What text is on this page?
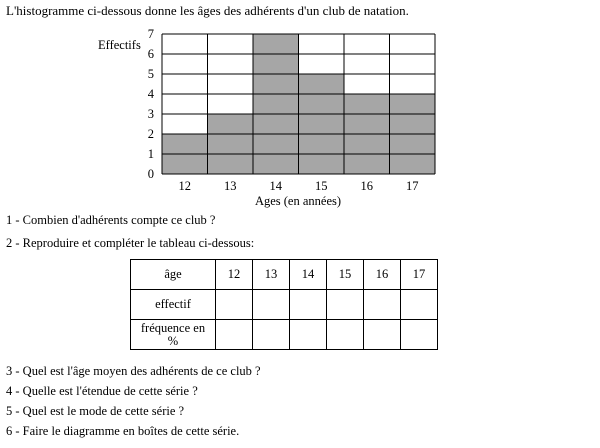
L'histogramme ci-dessous donne les âges des adhérents d'un club de natation.
0
1
2
3
4
5
6
7
12	13	14	15	16	17
Effectifs
Ages (en années)
1 - Combien d'adhérents compte ce club ?
2 - Reproduire et compléter le tableau ci-dessous:
âge	12	13	14	15	16	17
effectif						
fréquence en
%						
3 - Quel est l'âge moyen des adhérents de ce club ?
4 - Quelle est l'étendue de cette série ?
5 - Quel est le mode de cette série ?
6 - Faire le diagramme en boîtes de cette série.
